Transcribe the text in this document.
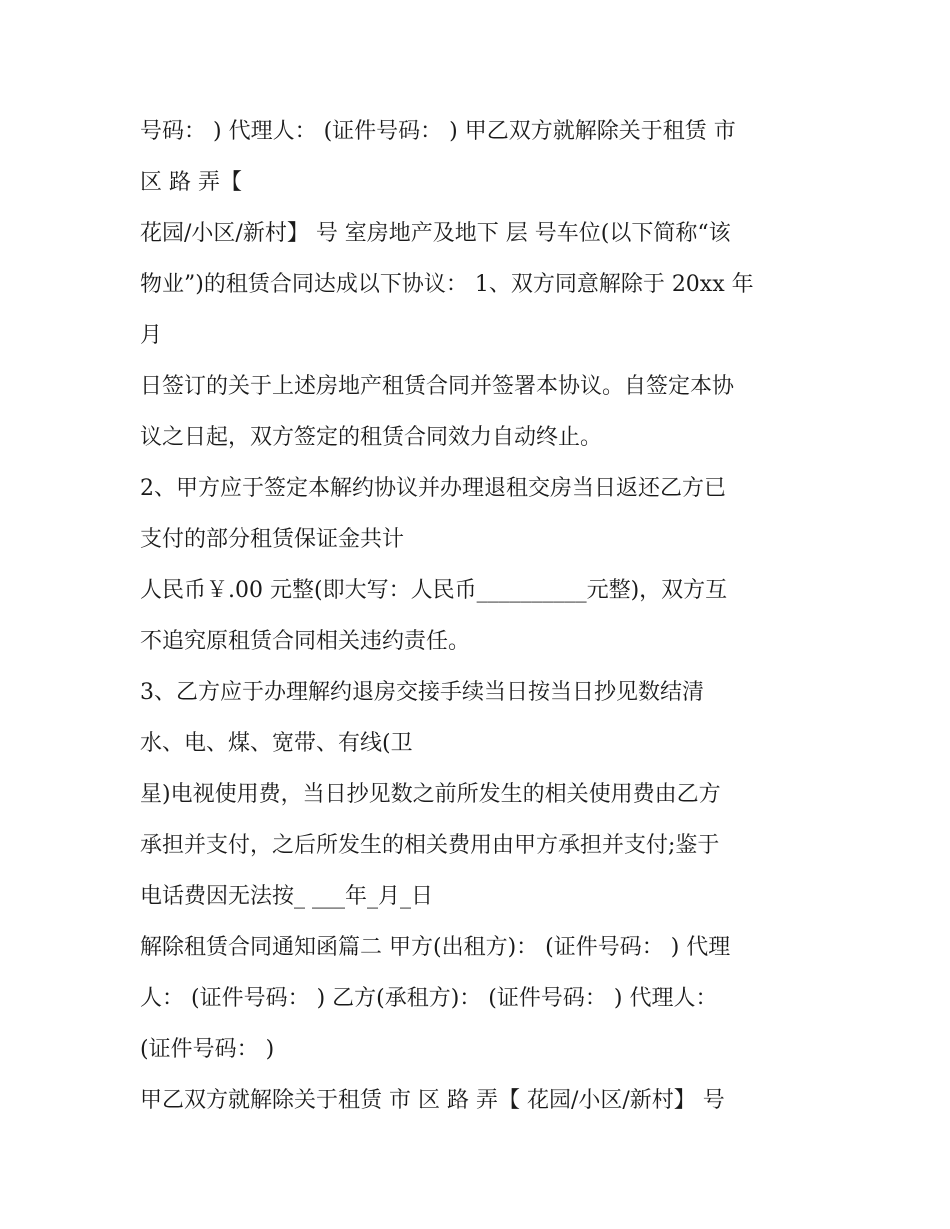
号码： ) 代理人： (证件号码： ) 甲乙双方就解除关于租赁 市
区 路 弄【
花园/小区/新村】 号 室房地产及地下 层 号车位(以下简称“该
物业”)的租赁合同达成以下协议： 1、双方同意解除于 20xx 年
月
日签订的关于上述房地产租赁合同并签署本协议。自签定本协
议之日起，双方签定的租赁合同效力自动终止。
2、甲方应于签定本解约协议并办理退租交房当日返还乙方已
支付的部分租赁保证金共计
人民币￥.00 元整(即大写：人民币__________元整)，双方互
不追究原租赁合同相关违约责任。
3、乙方应于办理解约退房交接手续当日按当日抄见数结清
水、电、煤、宽带、有线(卫
星)电视使用费，当日抄见数之前所发生的相关使用费由乙方
承担并支付，之后所发生的相关费用由甲方承担并支付;鉴于
电话费因无法按_ ___年_月_日
解除租赁合同通知函篇二 甲方(出租方)： (证件号码： ) 代理
人： (证件号码： ) 乙方(承租方)： (证件号码： ) 代理人：
(证件号码： )
甲乙双方就解除关于租赁 市 区 路 弄【 花园/小区/新村】 号
